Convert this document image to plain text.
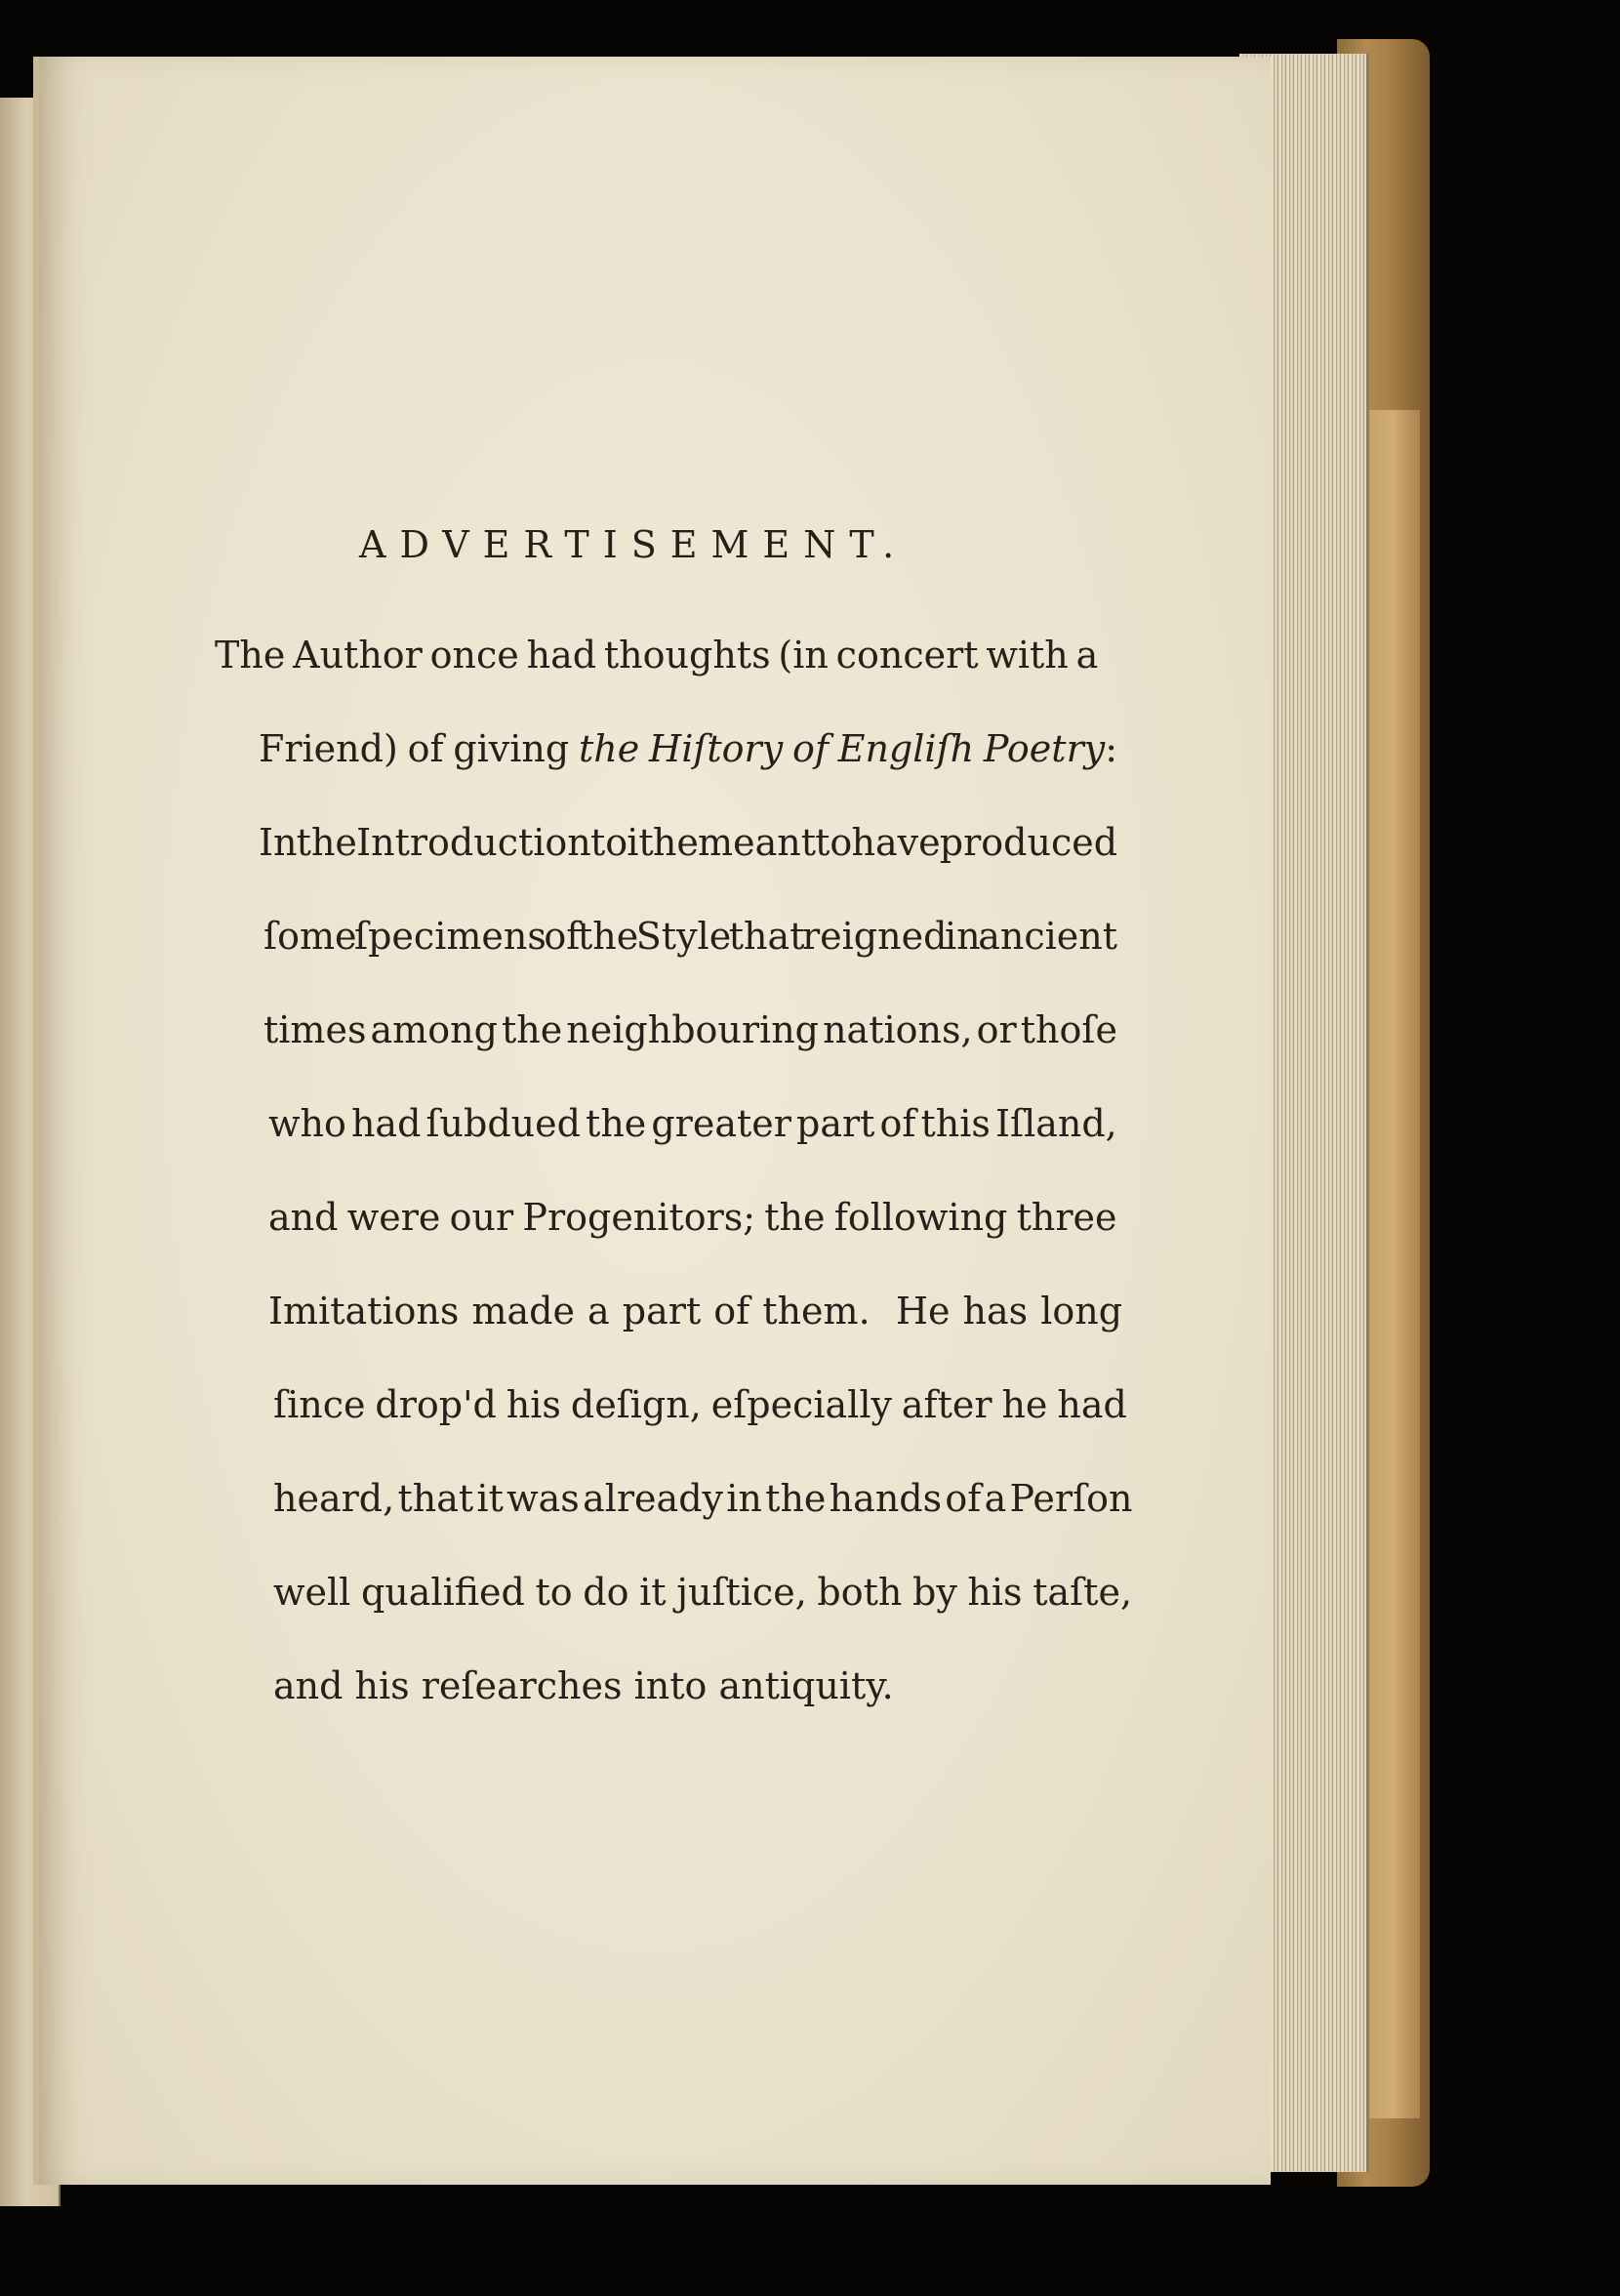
ADVERTISEMENT.
The Author once had thoughts (in concert with a
Friend) of giving the Hiſtory of Engliſh Poetry:
In the Introduction to it he meant to have produced
ſome ſpecimens of the Style that reigned in ancient
times among the neighbouring nations, or thoſe
who had ſubdued the greater part of this Iſland,
and were our Progenitors; the following three
Imitations made a part of them.  He has long
ſince drop'd his deſign, eſpecially after he had
heard, that it was already in the hands of a Perſon
well qualified to do it juſtice, both by his taſte,
and his reſearches into antiquity.
